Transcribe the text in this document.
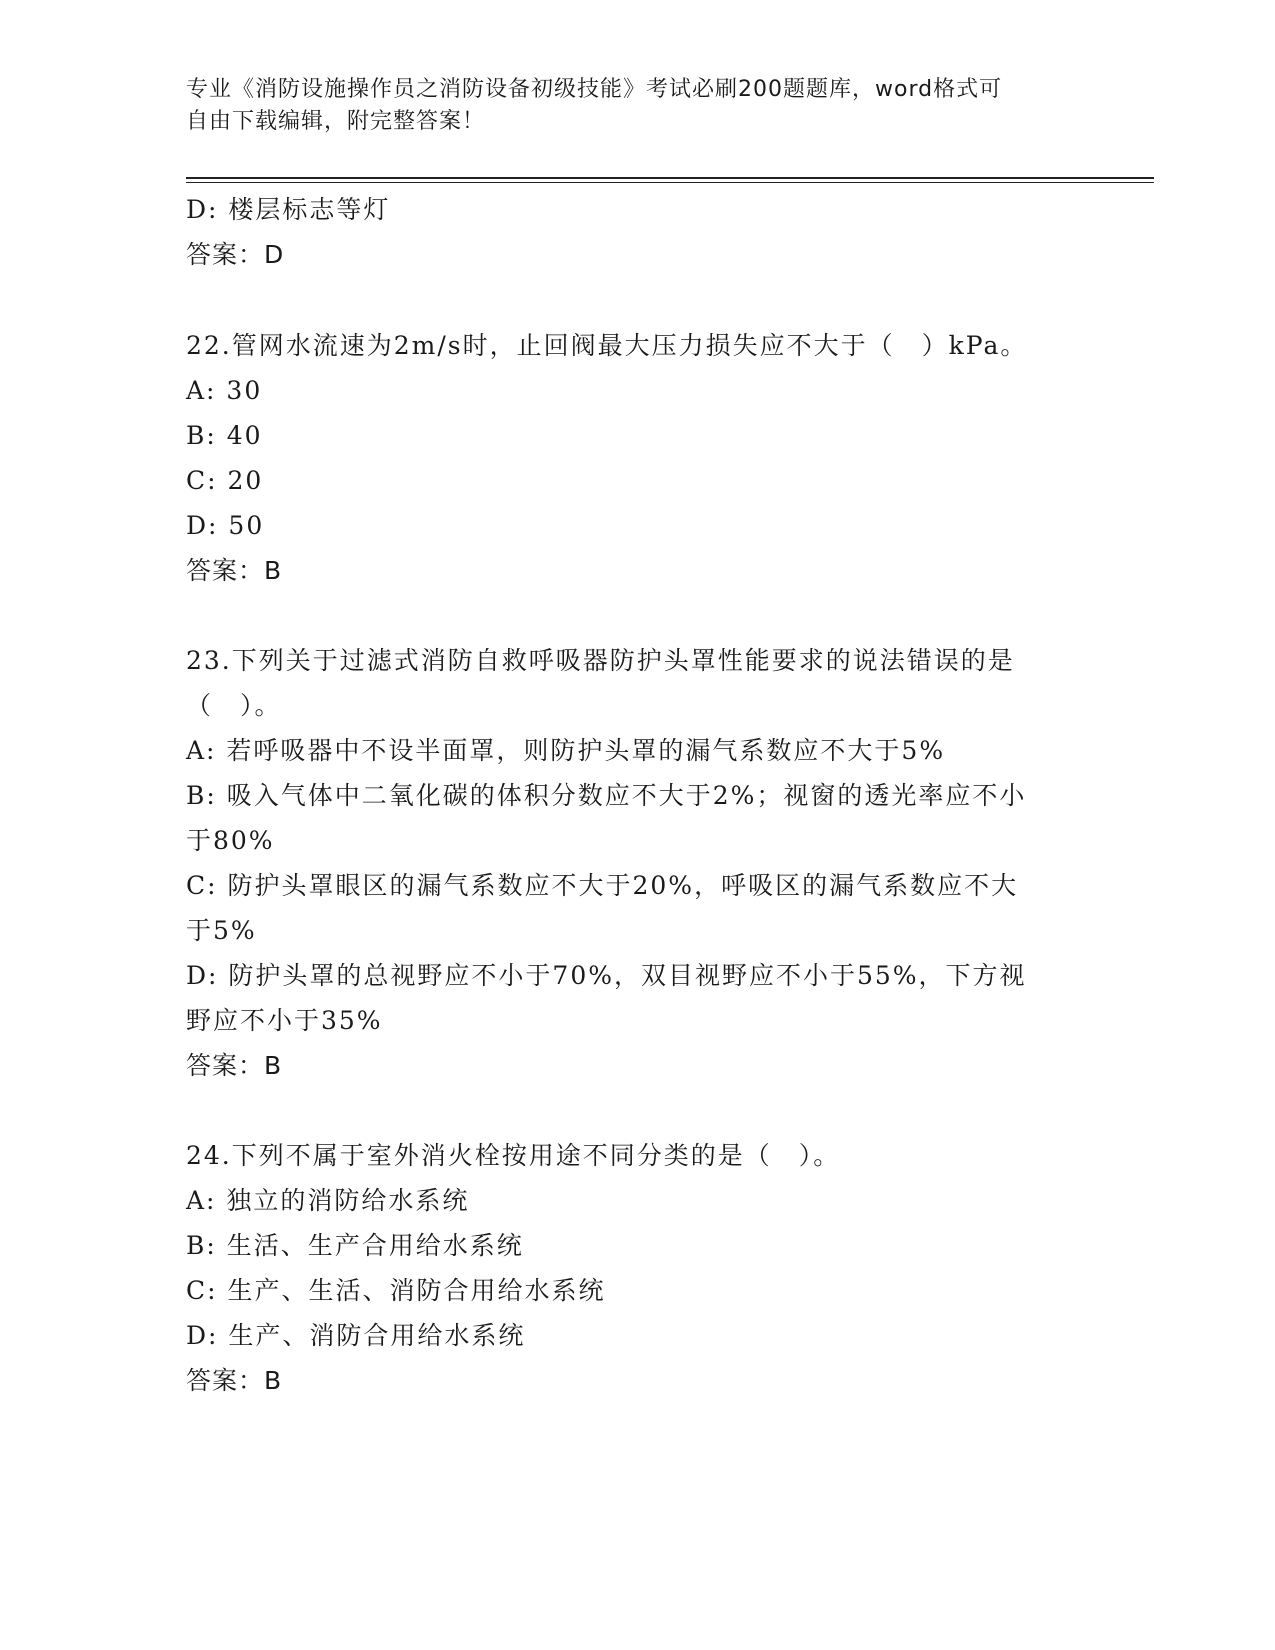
专业《消防设施操作员之消防设备初级技能》考试必刷200题题库，word格式可
自由下载编辑，附完整答案！
D: 楼层标志等灯
答案：D
22.管网水流速为2m/s时，止回阀最大压力损失应不大于（　）kPa。
A: 30
B: 40
C: 20
D: 50
答案：B
23.下列关于过滤式消防自救呼吸器防护头罩性能要求的说法错误的是
（　）。
A: 若呼吸器中不设半面罩，则防护头罩的漏气系数应不大于5%
B: 吸入气体中二氧化碳的体积分数应不大于2%；视窗的透光率应不小
于80%
C: 防护头罩眼区的漏气系数应不大于20%，呼吸区的漏气系数应不大
于5%
D: 防护头罩的总视野应不小于70%，双目视野应不小于55%，下方视
野应不小于35%
答案：B
24.下列不属于室外消火栓按用途不同分类的是（　）。
A: 独立的消防给水系统
B: 生活、生产合用给水系统
C: 生产、生活、消防合用给水系统
D: 生产、消防合用给水系统
答案：B
